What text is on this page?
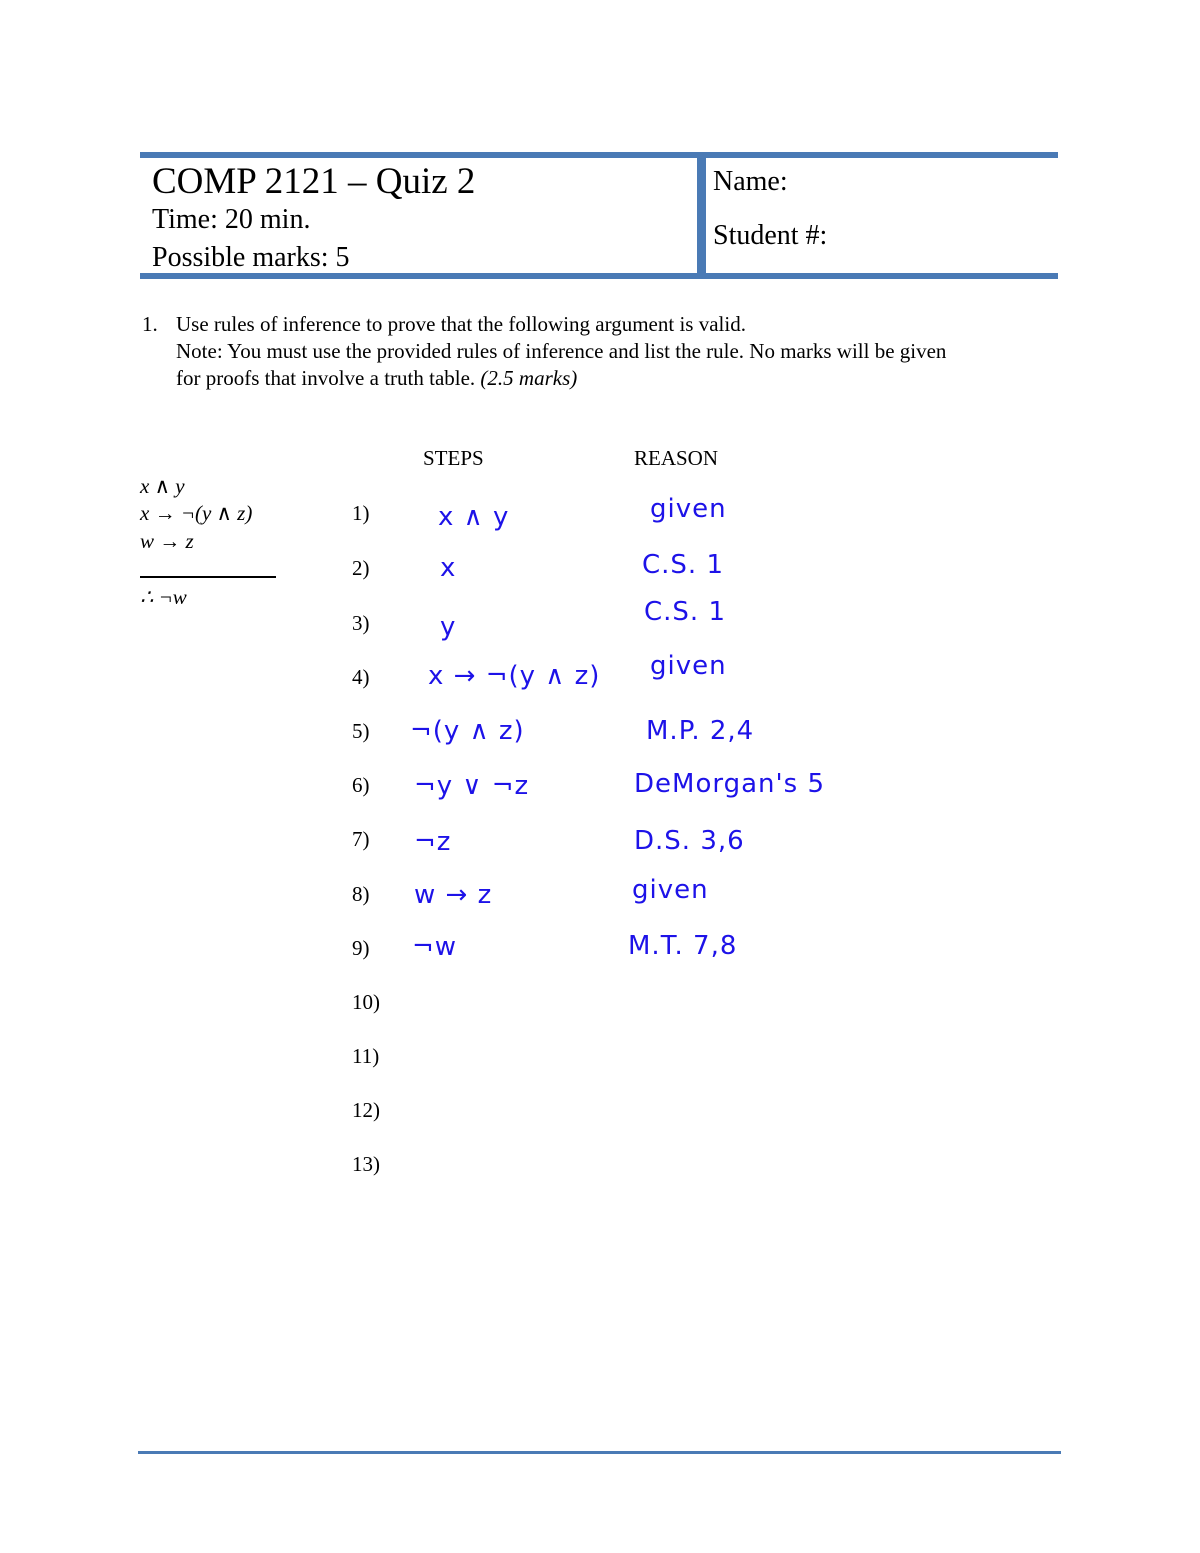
COMP 2121 – Quiz 2
Time: 20 min.
Possible marks: 5
Name:
Student #:
1. Use rules of inference to prove that the following argument is valid.
Note: You must use the provided rules of inference and list the rule. No marks will be given
for proofs that involve a truth table. (2.5 marks)
x ∧ y
x → ¬(y ∧ z)
w → z
∴ ¬w
STEPS	REASON
1)
2)
3)
4)
5)
6)
7)
8)
9)
10)
11)
12)
13)
x ∧ y
x
y
x → ¬(y ∧ z)
¬(y ∧ z)
¬y ∨ ¬z
¬z
w → z
¬w
given
C.S. 1
C.S. 1
given
M.P. 2,4
DeMorgan's 5
D.S. 3,6
given
M.T. 7,8
